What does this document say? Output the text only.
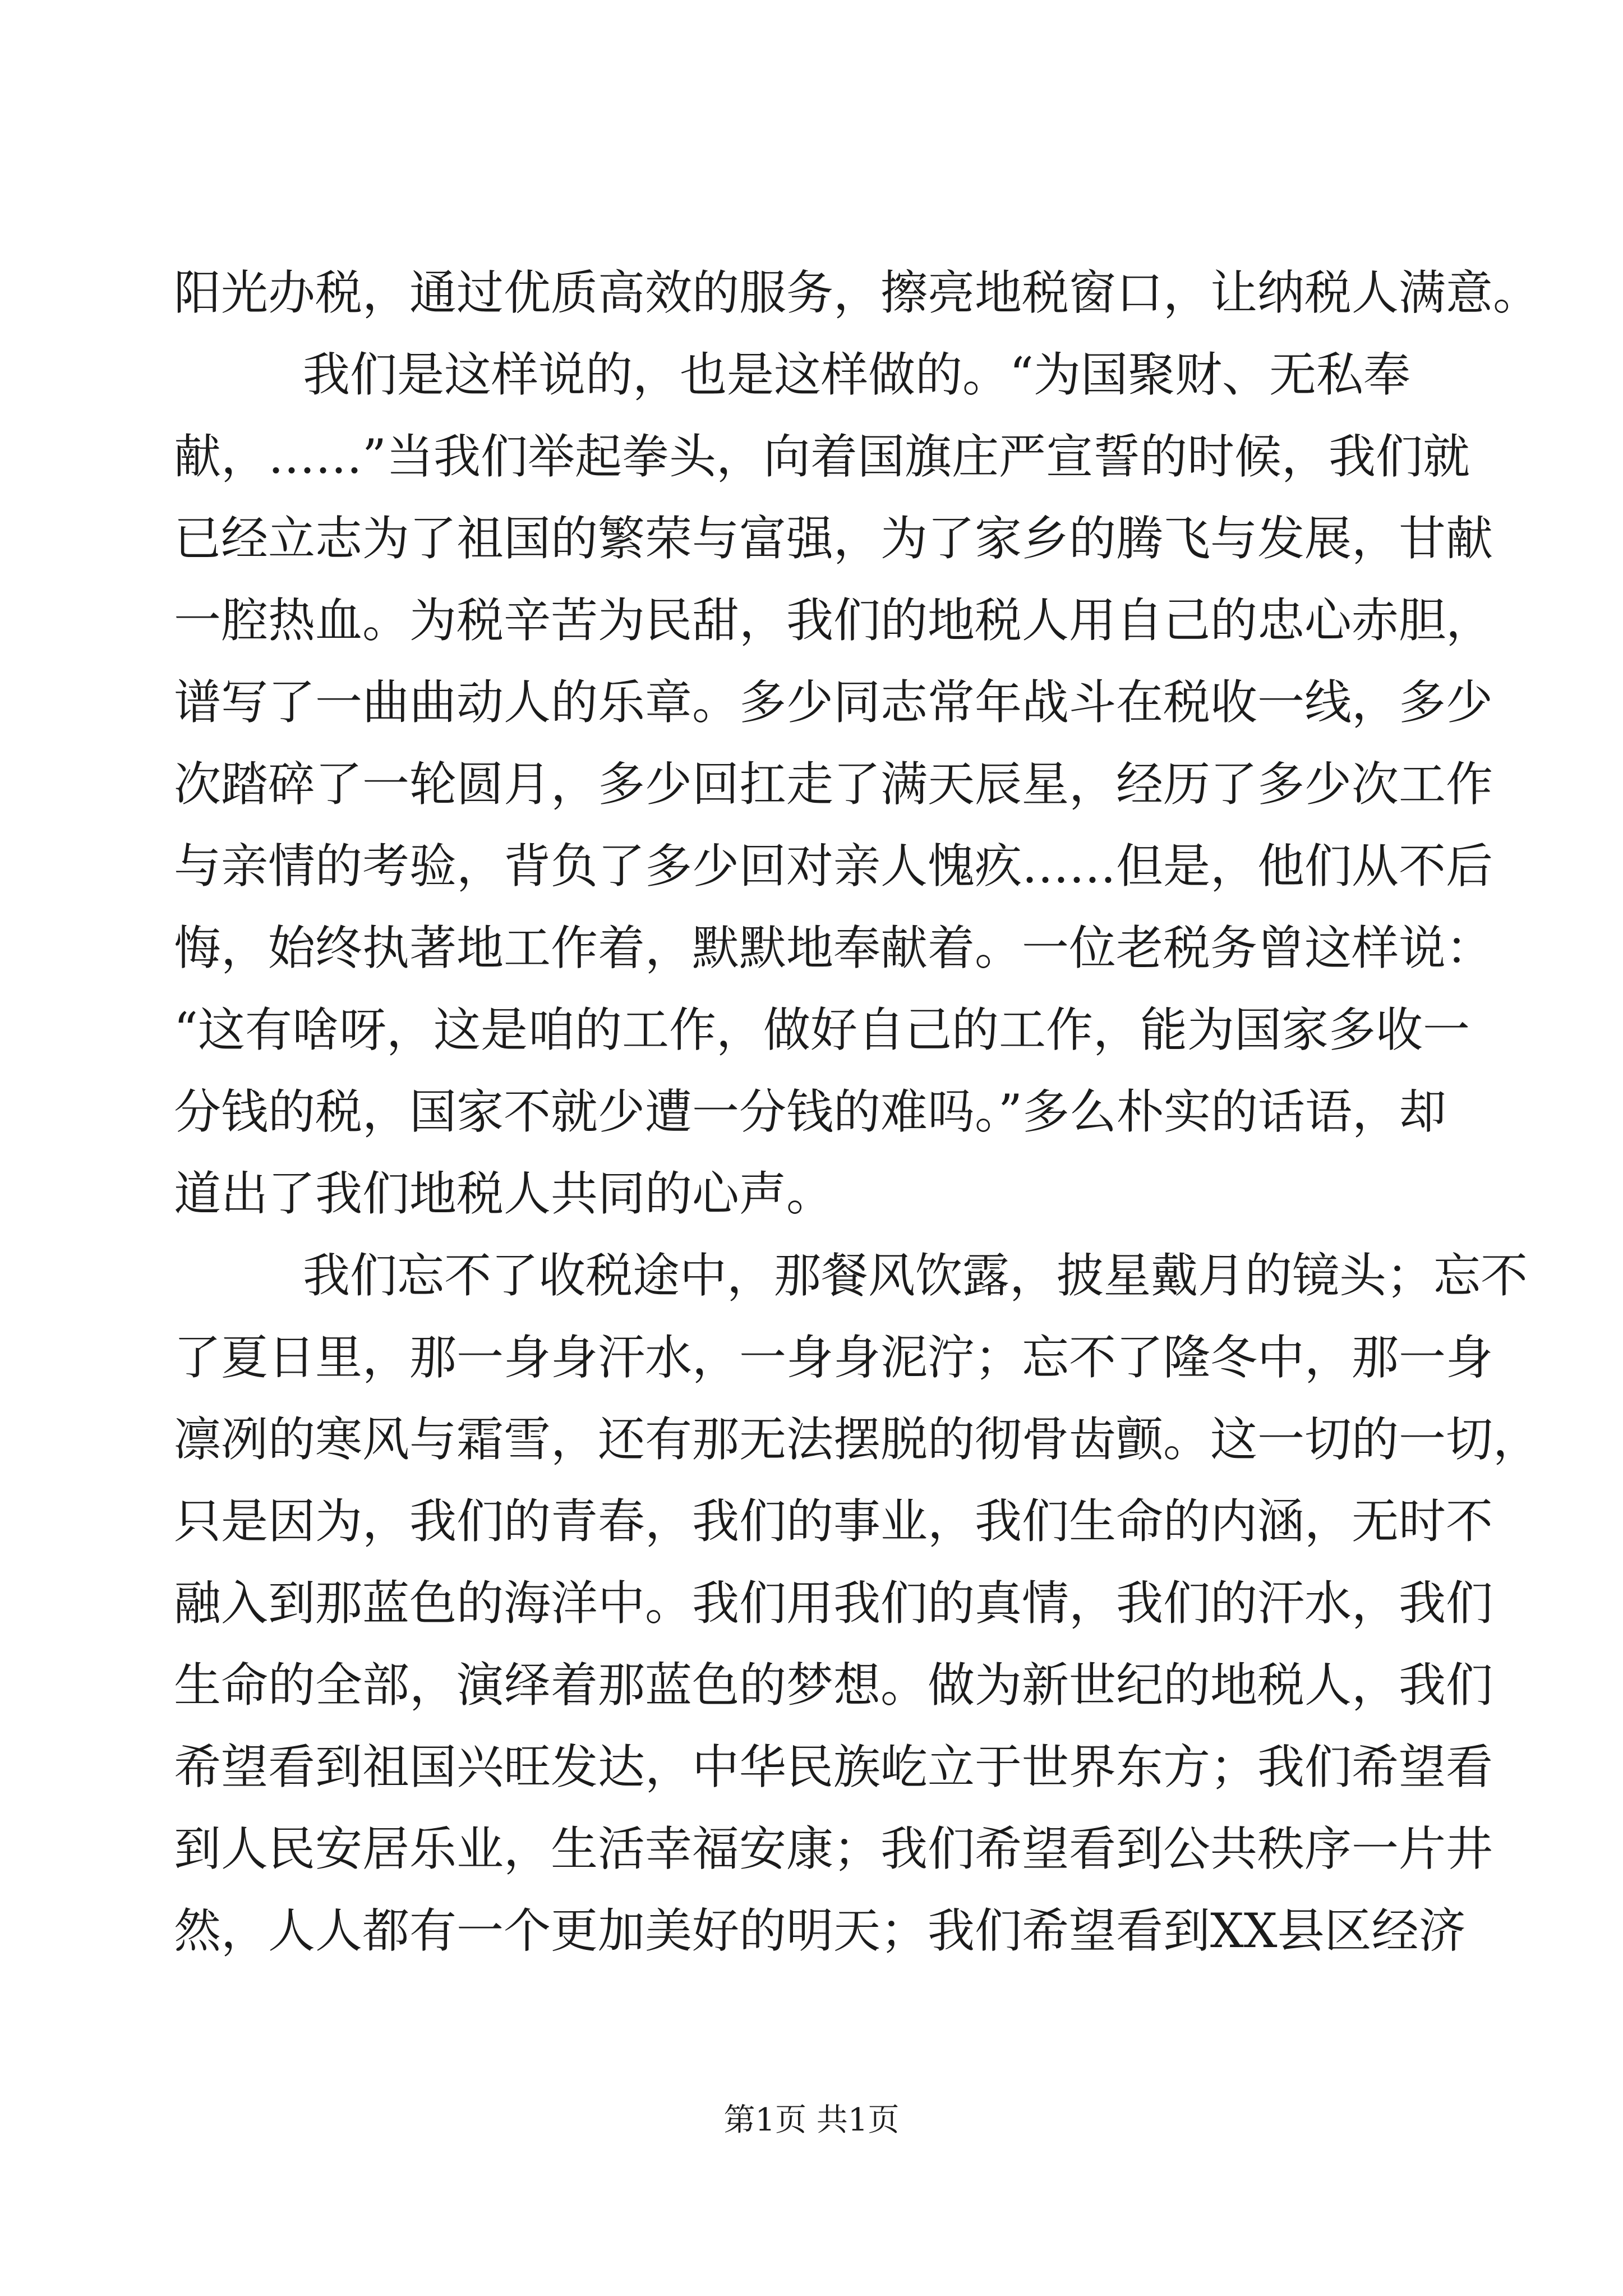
阳光办税，通过优质高效的服务，擦亮地税窗口，让纳税人满意。
我们是这样说的，也是这样做的。“为国聚财、无私奉
献，……”当我们举起拳头，向着国旗庄严宣誓的时候，我们就
已经立志为了祖国的繁荣与富强，为了家乡的腾飞与发展，甘献
一腔热血。为税辛苦为民甜，我们的地税人用自己的忠心赤胆，
谱写了一曲曲动人的乐章。多少同志常年战斗在税收一线，多少
次踏碎了一轮圆月，多少回扛走了满天辰星，经历了多少次工作
与亲情的考验，背负了多少回对亲人愧疚……但是，他们从不后
悔，始终执著地工作着，默默地奉献着。一位老税务曾这样说：
“这有啥呀，这是咱的工作，做好自己的工作，能为国家多收一
分钱的税，国家不就少遭一分钱的难吗。”多么朴实的话语，却
道出了我们地税人共同的心声。
我们忘不了收税途中，那餐风饮露，披星戴月的镜头；忘不
了夏日里，那一身身汗水，一身身泥泞；忘不了隆冬中，那一身
凛冽的寒风与霜雪，还有那无法摆脱的彻骨齿颤。这一切的一切，
只是因为，我们的青春，我们的事业，我们生命的内涵，无时不
融入到那蓝色的海洋中。我们用我们的真情，我们的汗水，我们
生命的全部，演绎着那蓝色的梦想。做为新世纪的地税人，我们
希望看到祖国兴旺发达，中华民族屹立于世界东方；我们希望看
到人民安居乐业，生活幸福安康；我们希望看到公共秩序一片井
然，人人都有一个更加美好的明天；我们希望看到XX县区经济
第1页 共1页
